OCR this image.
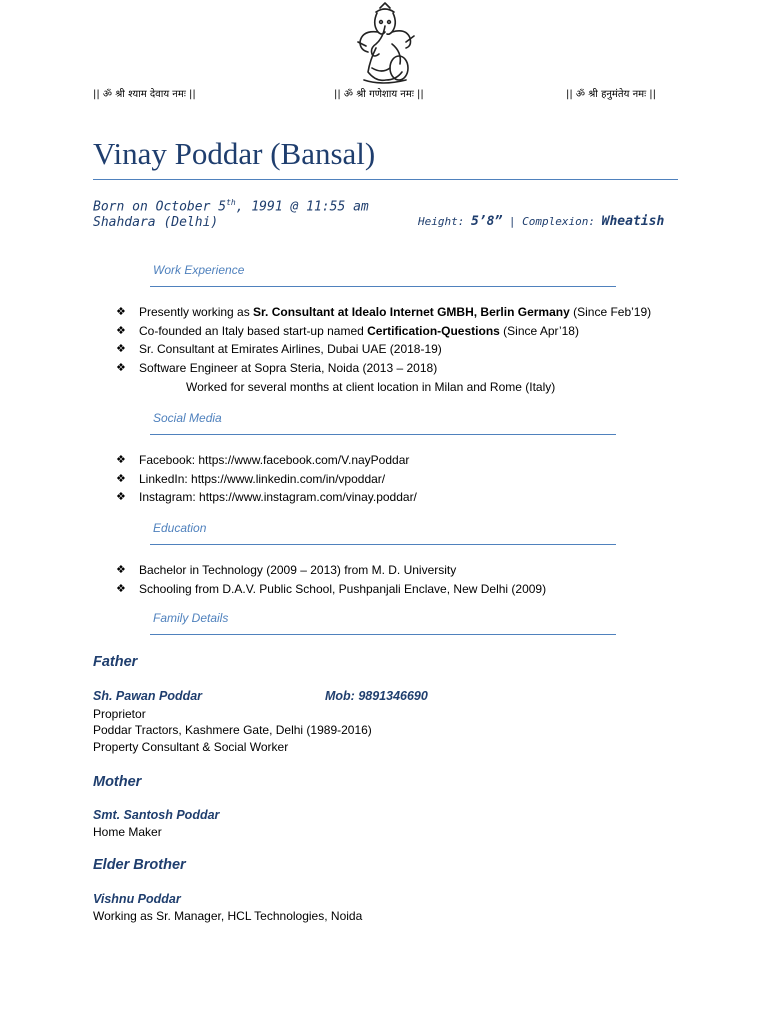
|| ॐ श्री श्याम देवाय नमः ||	|| ॐ श्री गणेशाय नमः ||	|| ॐ श्री हनुमंतेय नमः ||
Vinay Poddar (Bansal)
Born on October 5th, 1991 @ 11:55 am
Shahdara (Delhi)	Height: 5’8” | Complexion: Wheatish
Work Experience
❖ Presently working as Sr. Consultant at Idealo Internet GMBH, Berlin Germany (Since Feb’19)
❖ Co-founded an Italy based start-up named Certification-Questions (Since Apr’18)
❖ Sr. Consultant at Emirates Airlines, Dubai UAE (2018-19)
❖ Software Engineer at Sopra Steria, Noida (2013 – 2018)
Worked for several months at client location in Milan and Rome (Italy)
Social Media
❖ Facebook: https://www.facebook.com/V.nayPoddar
❖ LinkedIn: https://www.linkedin.com/in/vpoddar/
❖ Instagram: https://www.instagram.com/vinay.poddar/
Education
❖ Bachelor in Technology (2009 – 2013) from M. D. University
❖ Schooling from D.A.V. Public School, Pushpanjali Enclave, New Delhi (2009)
Family Details
Father
Sh. Pawan Poddar	Mob: 9891346690
Proprietor
Poddar Tractors, Kashmere Gate, Delhi (1989-2016)
Property Consultant & Social Worker
Mother
Smt. Santosh Poddar
Home Maker
Elder Brother
Vishnu Poddar
Working as Sr. Manager, HCL Technologies, Noida
